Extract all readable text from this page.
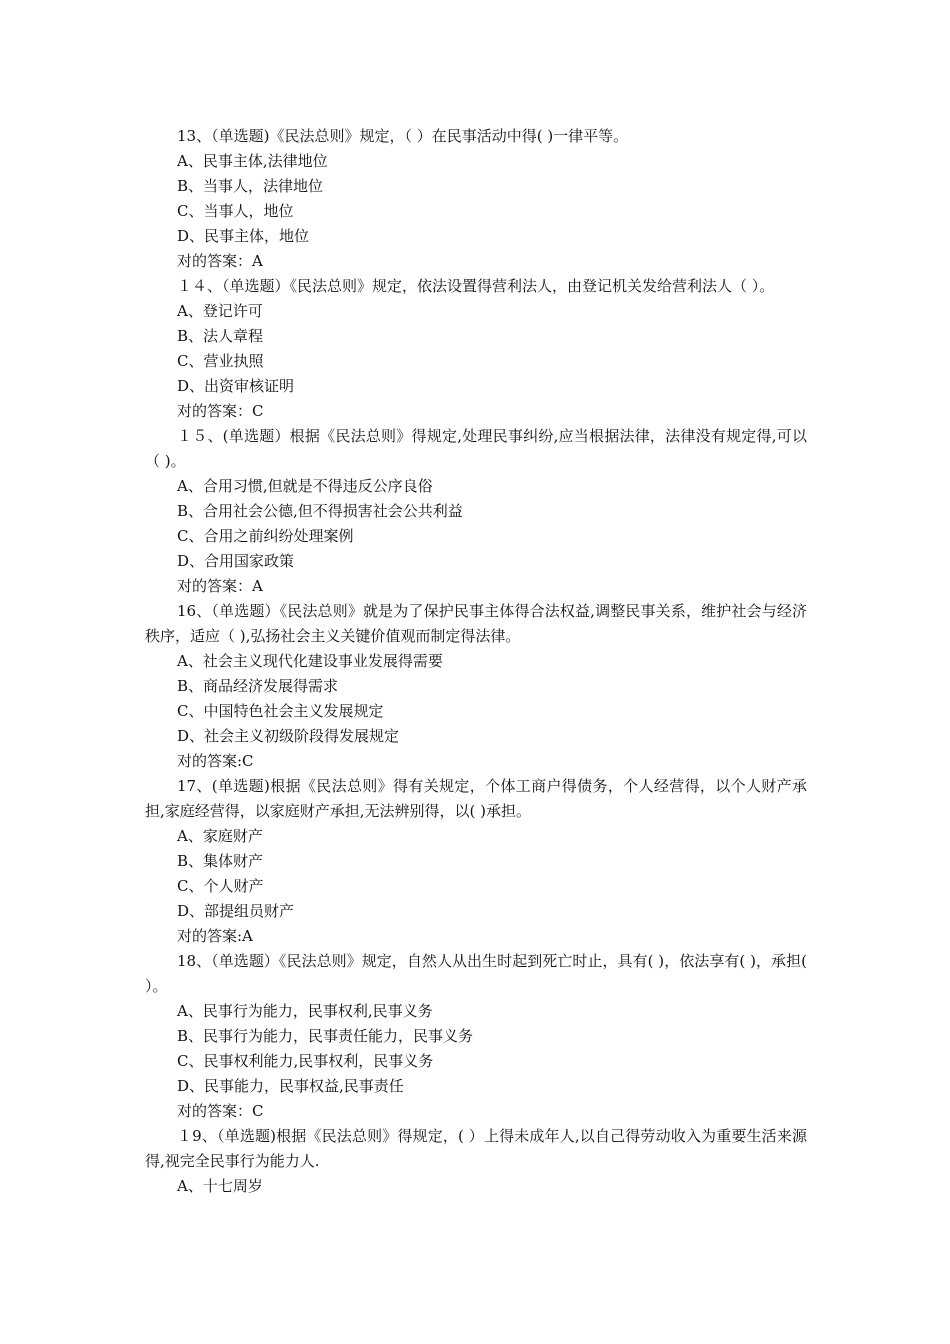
13、（单选题)《民法总则》规定，（ ）在民事活动中得( )一律平等。
A、民事主体,法律地位
B、当事人，法律地位
C、当事人，地位
D、民事主体，地位
对的答案：A
１４、（单选题）《民法总则》规定，依法设置得营利法人，由登记机关发给营利法人（ ）。
A、登记许可
B、法人章程
C、营业执照
D、出资审核证明
对的答案：C
１５、(单选题）根据《民法总则》得规定,处理民事纠纷,应当根据法律，法律没有规定得,可以（ )。
A、合用习惯,但就是不得违反公序良俗
B、合用社会公德,但不得损害社会公共利益
C、合用之前纠纷处理案例
D、合用国家政策
对的答案：A
16、（单选题）《民法总则》就是为了保护民事主体得合法权益,调整民事关系，维护社会与经济秩序，适应（ ),弘扬社会主义关键价值观而制定得法律。
A、社会主义现代化建设事业发展得需要
B、商品经济发展得需求
C、中国特色社会主义发展规定
D、社会主义初级阶段得发展规定
对的答案:C
17、(单选题)根据《民法总则》得有关规定，个体工商户得债务，个人经营得，以个人财产承担,家庭经营得，以家庭财产承担,无法辨别得，以( )承担。
A、家庭财产
B、集体财产
C、个人财产
D、部提组员财产
对的答案:A
18、（单选题）《民法总则》规定，自然人从出生时起到死亡时止，具有( )，依法享有( )，承担( ）。
A、民事行为能力，民事权利,民事义务
B、民事行为能力，民事责任能力，民事义务
C、民事权利能力,民事权利，民事义务
D、民事能力，民事权益,民事责任
对的答案：C
１9、（单选题)根据《民法总则》得规定，( ）上得未成年人,以自己得劳动收入为重要生活来源得,视完全民事行为能力人.
A、十七周岁
